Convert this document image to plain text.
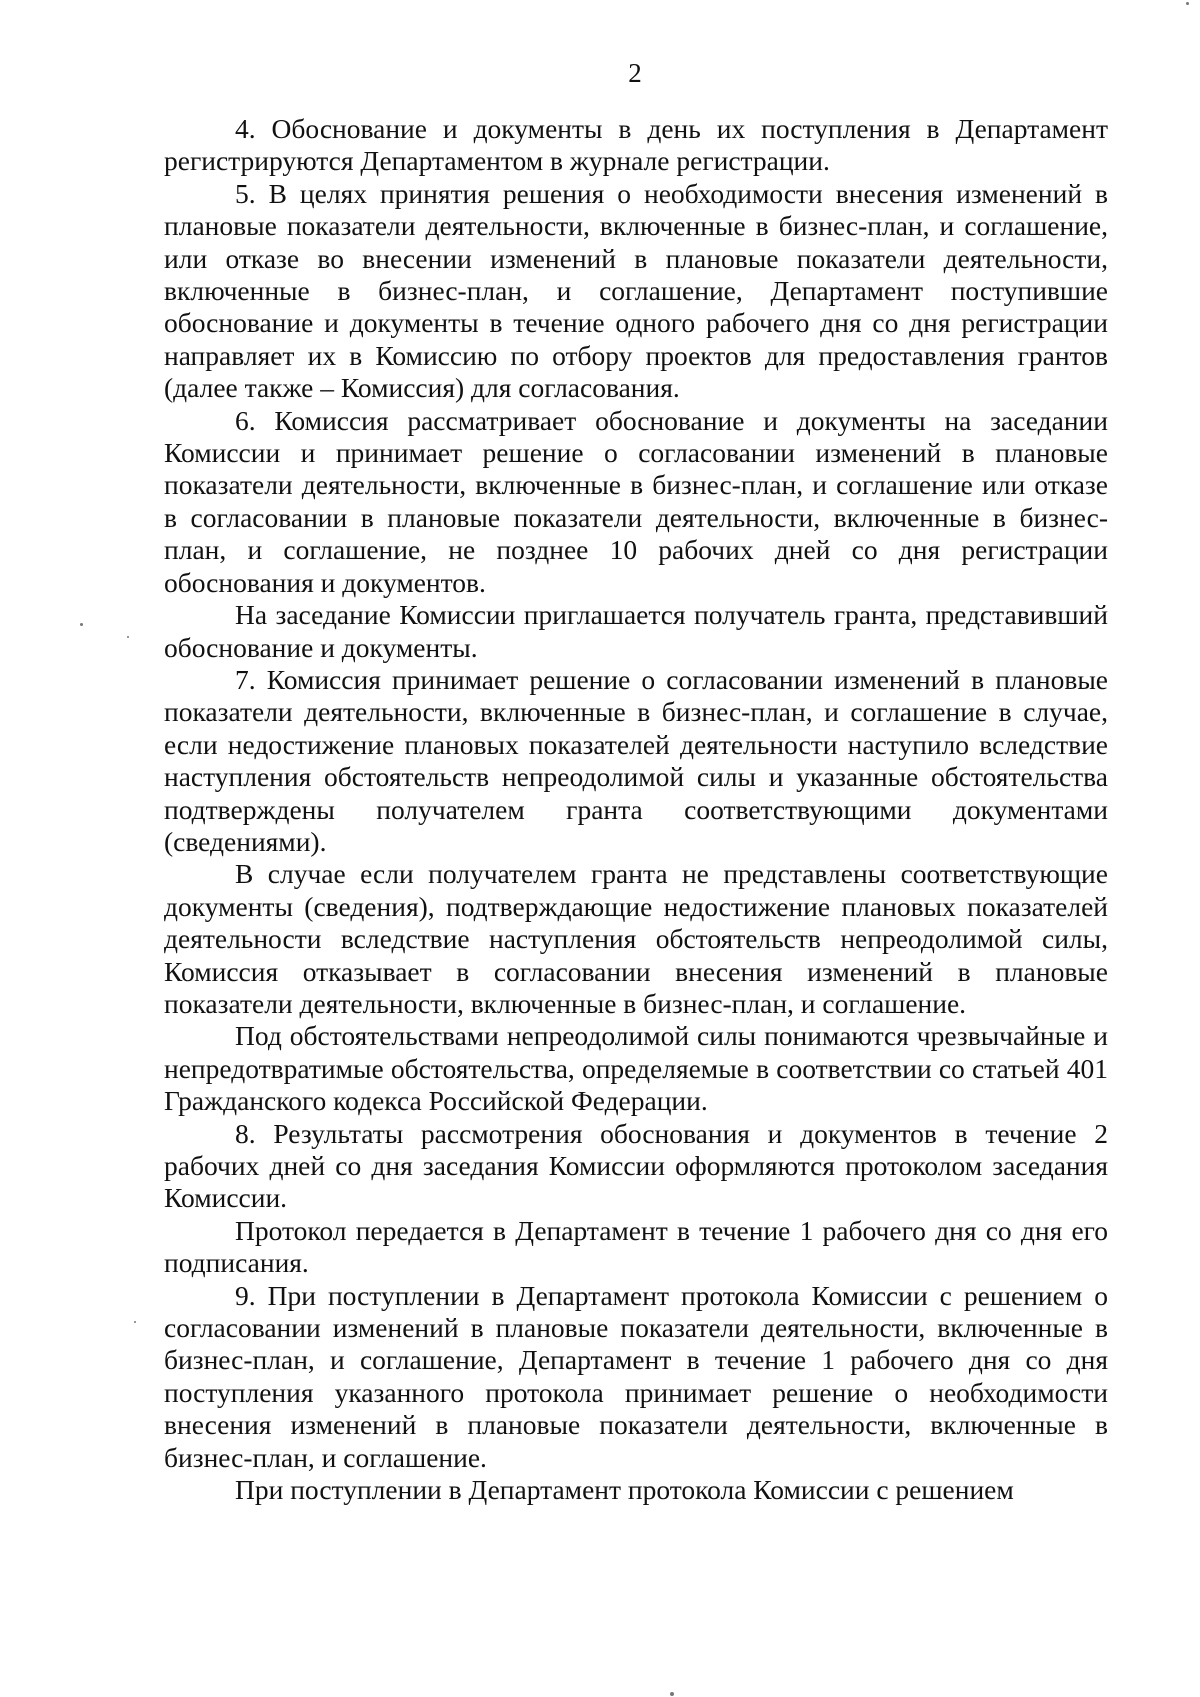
2

4. Обоснование и документы в день их поступления в Департамент регистрируются Департаментом в журнале регистрации.

5. В целях принятия решения о необходимости внесения изменений в плановые показатели деятельности, включенные в бизнес-план, и соглашение, или отказе во внесении изменений в плановые показатели деятельности, включенные в бизнес-план, и соглашение, Департамент поступившие обоснование и документы в течение одного рабочего дня со дня регистрации направляет их в Комиссию по отбору проектов для предоставления грантов (далее также – Комиссия) для согласования.

6. Комиссия рассматривает обоснование и документы на заседании Комиссии и принимает решение о согласовании изменений в плановые показатели деятельности, включенные в бизнес-план, и соглашение или отказе в согласовании в плановые показатели деятельности, включенные в бизнес-план, и соглашение, не позднее 10 рабочих дней со дня регистрации обоснования и документов.

На заседание Комиссии приглашается получатель гранта, представивший обоснование и документы.

7. Комиссия принимает решение о согласовании изменений в плановые показатели деятельности, включенные в бизнес-план, и соглашение в случае, если недостижение плановых показателей деятельности наступило вследствие наступления обстоятельств непреодолимой силы и указанные обстоятельства подтверждены получателем гранта соответствующими документами (сведениями).

В случае если получателем гранта не представлены соответствующие документы (сведения), подтверждающие недостижение плановых показателей деятельности вследствие наступления обстоятельств непреодолимой силы, Комиссия отказывает в согласовании внесения изменений в плановые показатели деятельности, включенные в бизнес-план, и соглашение.

Под обстоятельствами непреодолимой силы понимаются чрезвычайные и непредотвратимые обстоятельства, определяемые в соответствии со статьей 401 Гражданского кодекса Российской Федерации.

8. Результаты рассмотрения обоснования и документов в течение 2 рабочих дней со дня заседания Комиссии оформляются протоколом заседания Комиссии.

Протокол передается в Департамент в течение 1 рабочего дня со дня его подписания.

9. При поступлении в Департамент протокола Комиссии с решением о согласовании изменений в плановые показатели деятельности, включенные в бизнес-план, и соглашение, Департамент в течение 1 рабочего дня со дня поступления указанного протокола принимает решение о необходимости внесения изменений в плановые показатели деятельности, включенные в бизнес-план, и соглашение.

При поступлении в Департамент протокола Комиссии с решением
